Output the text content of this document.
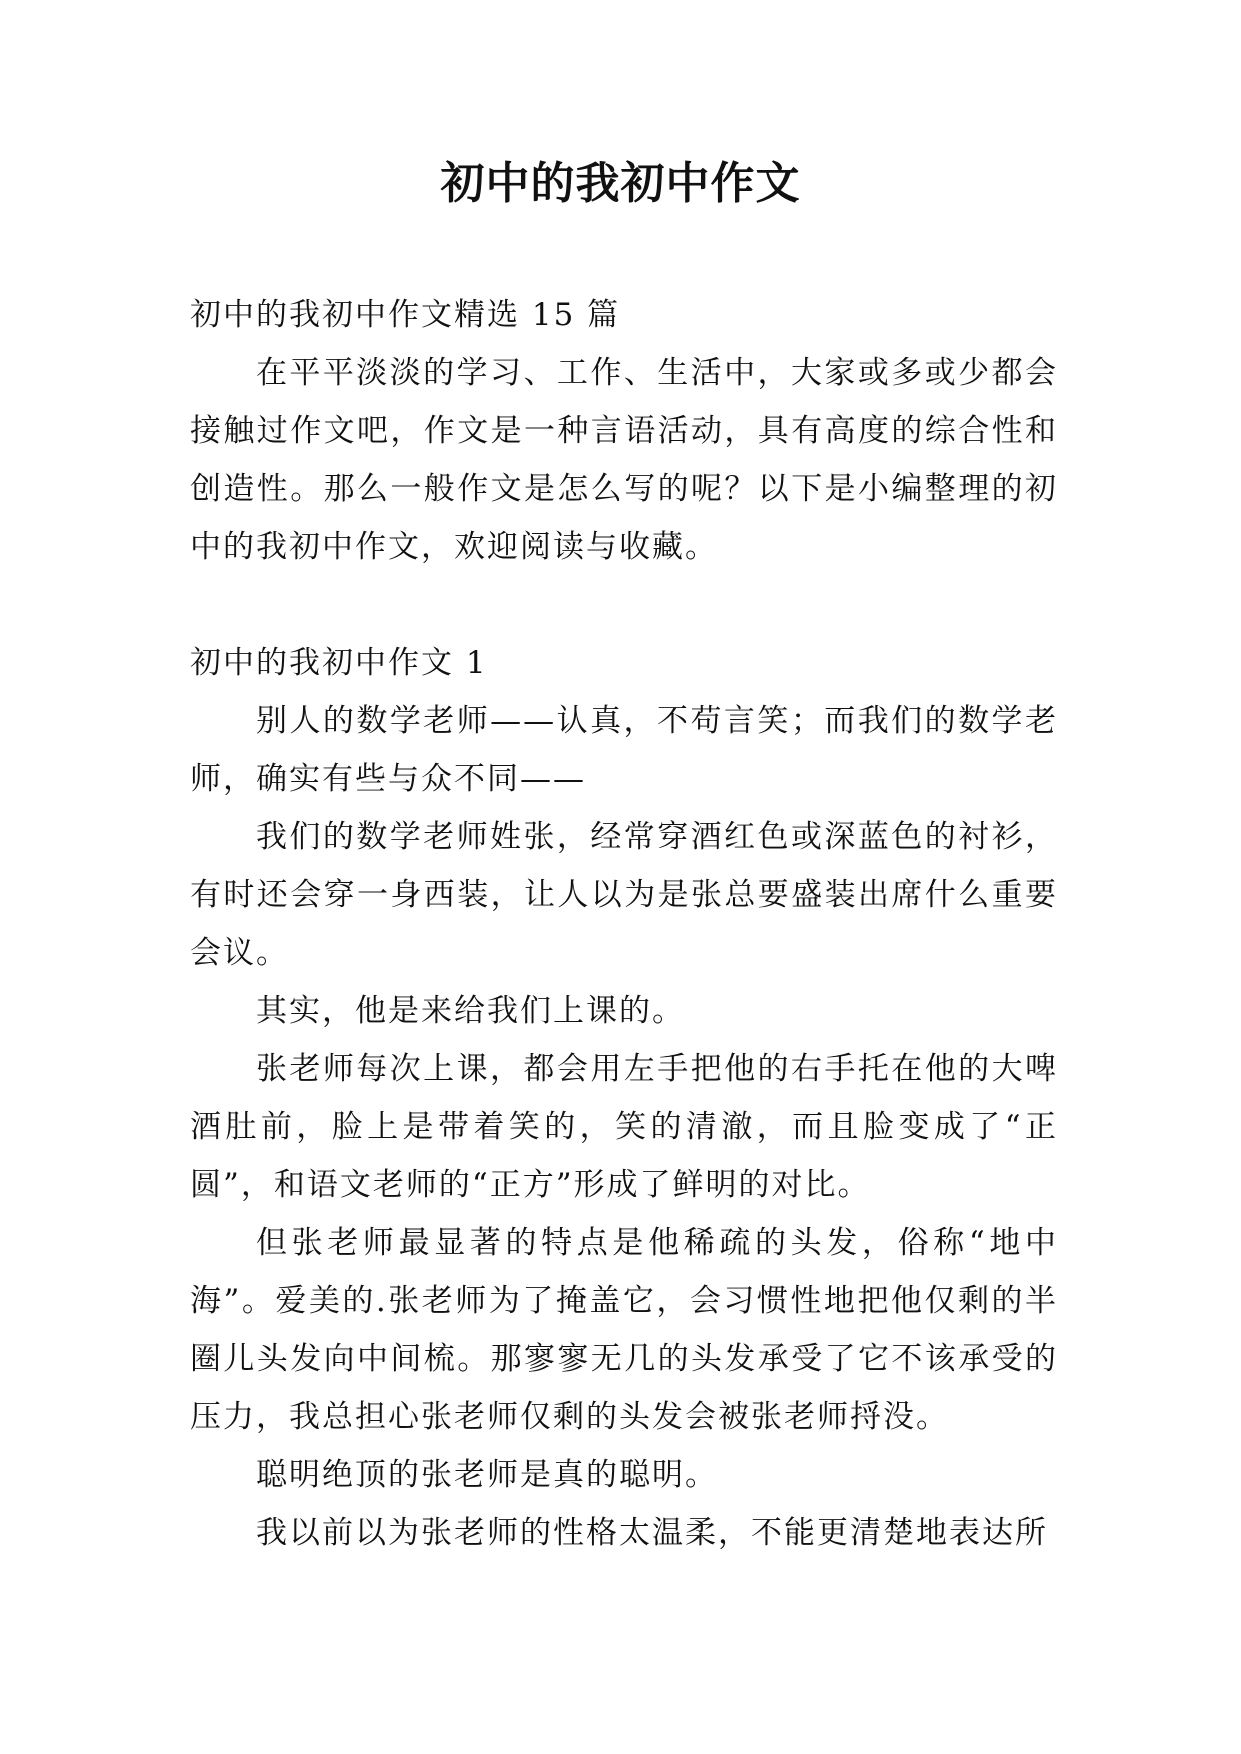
初中的我初中作文

初中的我初中作文精选 15 篇

在平平淡淡的学习、工作、生活中，大家或多或少都会接触过作文吧，作文是一种言语活动，具有高度的综合性和创造性。那么一般作文是怎么写的呢？以下是小编整理的初中的我初中作文，欢迎阅读与收藏。

初中的我初中作文 1

别人的数学老师——认真，不苟言笑；而我们的数学老师，确实有些与众不同——

我们的数学老师姓张，经常穿酒红色或深蓝色的衬衫，有时还会穿一身西装，让人以为是张总要盛装出席什么重要会议。

其实，他是来给我们上课的。

张老师每次上课，都会用左手把他的右手托在他的大啤酒肚前，脸上是带着笑的，笑的清澈，而且脸变成了“正圆”，和语文老师的“正方”形成了鲜明的对比。

但张老师最显著的特点是他稀疏的头发，俗称“地中海”。爱美的.张老师为了掩盖它，会习惯性地把他仅剩的半圈儿头发向中间梳。那寥寥无几的头发承受了它不该承受的压力，我总担心张老师仅剩的头发会被张老师捋没。

聪明绝顶的张老师是真的聪明。

我以前以为张老师的性格太温柔，不能更清楚地表达所
